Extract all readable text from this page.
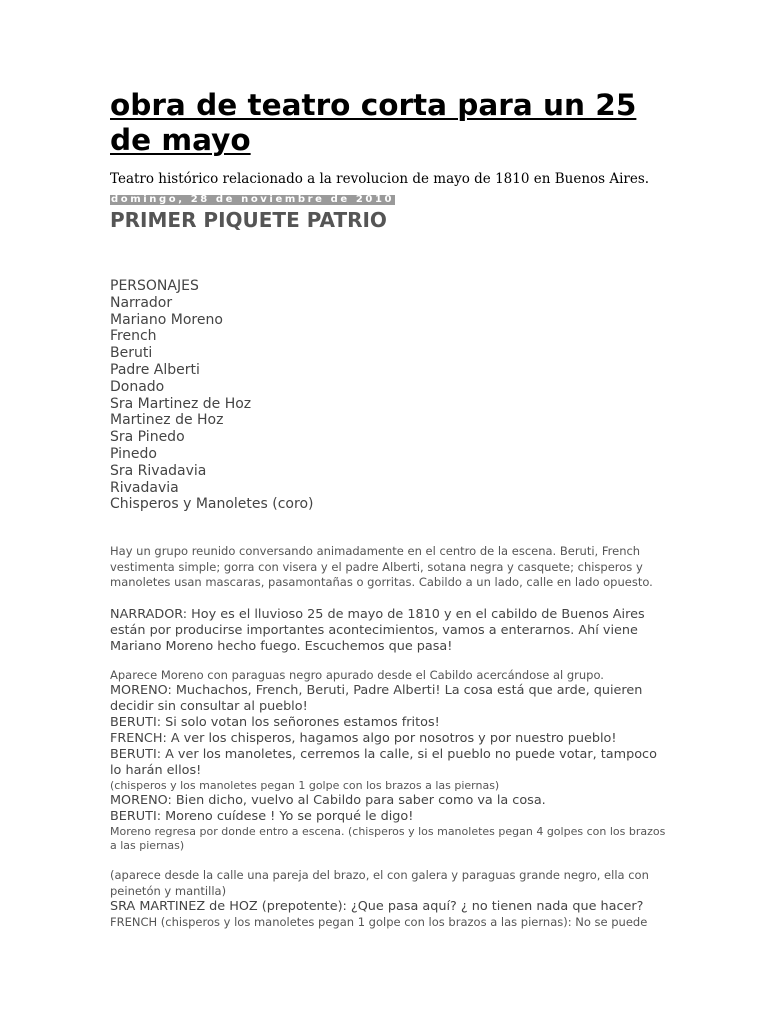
obra de teatro corta para un 25 de mayo

Teatro histórico relacionado a la revolucion de mayo de 1810 en Buenos Aires.

domingo, 28 de noviembre de 2010
PRIMER PIQUETE PATRIO
PERSONAJES
Narrador
Mariano Moreno
French
Beruti
Padre Alberti
Donado
Sra Martinez de Hoz
Martinez de Hoz
Sra Pinedo
Pinedo
Sra Rivadavia
Rivadavia
Chisperos y Manoletes (coro)

Hay un grupo reunido conversando animadamente en el centro de la escena. Beruti, French vestimenta simple; gorra con visera y el padre Alberti, sotana negra y casquete; chisperos y manoletes usan mascaras, pasamontañas o gorritas. Cabildo a un lado, calle en lado opuesto.

NARRADOR: Hoy es el lluvioso 25 de mayo de 1810 y en el cabildo de Buenos Aires están por producirse importantes acontecimientos, vamos a enterarnos. Ahí viene Mariano Moreno hecho fuego. Escuchemos que pasa!

Aparece Moreno con paraguas negro apurado desde el Cabildo acercándose al grupo.
MORENO: Muchachos, French, Beruti, Padre Alberti! La cosa está que arde, quieren decidir sin consultar al pueblo!
BERUTI: Si solo votan los señorones estamos fritos!
FRENCH: A ver los chisperos, hagamos algo por nosotros y por nuestro pueblo!
BERUTI: A ver los manoletes, cerremos la calle, si el pueblo no puede votar, tampoco lo harán ellos!
(chisperos y los manoletes pegan 1 golpe con los brazos a las piernas)
MORENO: Bien dicho, vuelvo al Cabildo para saber como va la cosa.
BERUTI: Moreno cuídese ! Yo se porqué le digo!
Moreno regresa por donde entro a escena. (chisperos y los manoletes pegan 4 golpes con los brazos a las piernas)
(aparece desde la calle una pareja del brazo, el con galera y paraguas grande negro, ella con peinetón y mantilla)
SRA MARTINEZ de HOZ (prepotente): ¿Que pasa aquí? ¿ no tienen nada que hacer?
FRENCH (chisperos y los manoletes pegan 1 golpe con los brazos a las piernas): No se puede
